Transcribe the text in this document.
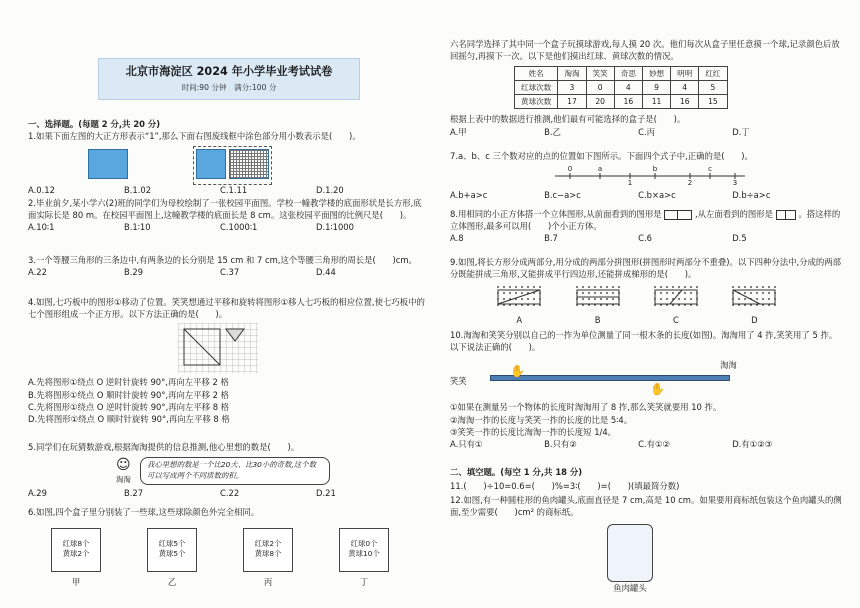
北京市海淀区 2024 年小学毕业考试试卷
时间:90 分钟　满分:100 分
一、选择题。(每题 2 分,共 20 分)
1.如果下面左图的大正方形表示“1”,那么下面右图废线框中涂色部分用小数表示是(　　)。

A.0.12	B.1.02	C.1.11	D.1.20
2.毕业前夕,某小学六(2)班的同学们为母校绘制了一张校园平面图。学校一幢教学楼的底面形状是长方形,底面实际长是 80 m。在校园平面图上,这幢教学楼的底面长是 8 cm。这张校园平面图的比例尺是(　　)。
A.10∶1	B.1∶10	C.1000∶1	D.1∶1000
3.一个等腰三角形的三条边中,有两条边的长分别是 15 cm 和 7 cm,这个等腰三角形的周长是(　　)cm。
A.22	B.29	C.37	D.44
4.如图,七巧板中的图形①移动了位置。笑笑想通过平移和旋转将图形①移人七巧板的相应位置,使七巧板中的七个图形组成一个正方形。以下方法正确的是(　　)。
A.先将图形①绕点 O 逆时针旋转 90°,再向左平移 2 格
B.先将图形①绕点 O 顺时针旋转 90°,再向左平移 2 格
C.先将图形①绕点 O 逆时针旋转 90°,再向左平移 8 格
D.先将图形①绕点 O 顺时针旋转 90°,再向左平移 8 格
5.同学们在玩猜数游戏,根据淘淘提供的信息推测,他心里想的数是(　　)。
☺	我心里想的数是一个比20大、比30小的奇数,这个数可以写成两个不同质数的积。
淘淘
A.29	B.27	C.22	D.21
6.如图,四个盒子里分别装了一些球,这些球除颜色外完全相同。
红球8个
黄球2个
甲
红球5个
黄球5个
乙
红球2个
黄球8个
丙
红球0个
黄球10个
丁
六名同学选择了其中同一个盒子玩摸球游戏,每人摸 20 次。他们每次从盒子里任意摸一个球,记录颜色后放回摇匀,再摸下一次。以下是他们摸出红球、黄球次数的情况。
姓名	淘淘	笑笑	奇思	妙想	明明	红红
红球次数	3	0	4	9	4	5
黄球次数	17	20	16	11	16	15
根据上表中的数据进行推测,他们最有可能选择的盒子是(　　)。
A.甲	B.乙	C.丙	D.丁
7.a、b、c 三个数对应的点的位置如下图所示。下面四个式子中,正确的是(　　)。
0	a
1
b
2
c
3
A.b+a>c	B.c−a>c	C.b×a>c	D.b÷a>c
8.用相同的小正方体搭一个立体图形,从前面看到的图形是	,从左面看到的图形是	。搭这样的立体图形,最多可以用(　　)个小正方体。
A.8	B.7	C.6	D.5
9.如图,将长方形分成两部分,用分成的两部分拼图形(拼图形时两部分不重叠)。以下四种分法中,分成的两部分既能拼成三角形,又能拼成平行四边形,还能拼成梯形的是(　　)。
A	B	C	D
10.淘淘和笑笑分别以自己的一拃为单位测量了同一根木条的长度(如图)。淘淘用了 4 拃,笑笑用了 5 拃。以下说法正确的(　　)。
淘淘
笑笑
✋
✋
①如果在测量另一个物体的长度时淘淘用了 8 拃,那么笑笑就要用 10 拃。
②淘淘一拃的长度与笑笑一拃的长度的比是 5∶4。
③笑笑一拃的长度比淘淘一拃的长度短 1/4。
A.只有①	B.只有②	C.有①②	D.有①②③
二、填空题。(每空 1 分,共 18 分)
11.(　　)÷10=0.6=(　　)%=3∶(　　)=(　　)(填最简分数)
12.如图,有一种圆柱形的鱼肉罐头,底面直径是 7 cm,高是 10 cm。如果要用商标纸包装这个鱼肉罐头的侧面,至少需要(　　)cm² 的商标纸。
鱼肉罐头
